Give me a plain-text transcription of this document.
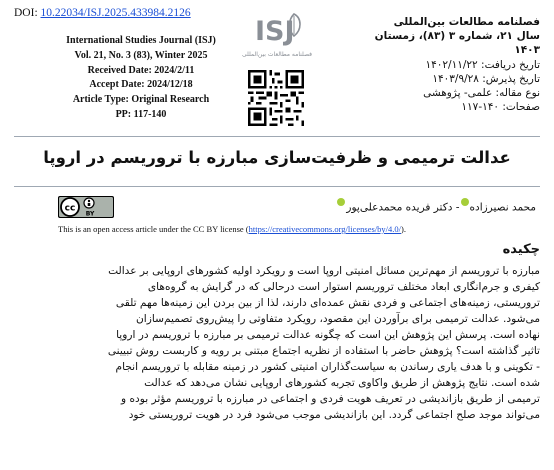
DOI: 10.22034/ISJ.2025.433984.2126
International Studies Journal (ISJ)
Vol. 21, No. 3 (83), Winter 2025
Received Date: 2024/2/11
Accept Date: 2024/12/18
Article Type: Original Research
PP: 117-140
ISJ
فصلنامه مطالعات بین‌المللی
فصلنامه مطالعات بین‌المللی
سال ۲۱، شماره ۳ (۸۳)، زمستان ۱۴۰۳
تاریخ دریافت: ۱۴۰۲/۱۱/۲۲
تاریخ پذیرش: ۱۴۰۳/۹/۲۸
نوع مقاله: علمی- پژوهشی
صفحات: ۱۴۰-۱۱۷
عدالت ترمیمی و ظرفیت‌سازی مبارزه با تروریسم در اروپا
cc
BY
محمد نصیرزاده- دکتر فریده محمدعلی‌پور
This is an open access article under the CC BY license (https://creativecommons.org/licenses/by/4.0/).
چکیده

مبارزه با تروریسم از مهم‌ترین مسائل امنیتی اروپا است و رویکرد اولیه کشورهای اروپایی بر عدالت

کیفری و جرم‌انگاری ابعاد مختلف تروریسم استوار است درحالی که در گرایش به گروه‌های

تروریستی، زمینه‌های اجتماعی و فردی نقش عمده‌ای دارند، لذا از بین بردن این زمینه‌ها مهم تلقی

می‌شود. عدالت ترمیمی برای برآوردن این مقصود، رویکرد متفاوتی را پیش‌روی تصمیم‌سازان

نهاده است. پرسش این پژوهش این است که چگونه عدالت ترمیمی بر مبارزه با تروریسم در اروپا

تاثیر گذاشته است؟ پژوهش حاضر با استفاده از نظریه اجتماع مبتنی بر رویه و کاربست روش تبیینی

- تکوینی و با هدف یاری رساندن به سیاست‌گذاران امنیتی کشور در زمینه مقابله با تروریسم انجام

شده است. نتایج پژوهش از طریق واکاوی تجربه کشورهای اروپایی نشان می‌دهد که عدالت

ترمیمی از طریق بازاندیشی در تعریف هویت فردی و اجتماعی در مبارزه با تروریسم مؤثر بوده و

می‌تواند موجد صلح اجتماعی گردد. این بازاندیشی موجب می‌شود فرد در هویت تروریستی خود
